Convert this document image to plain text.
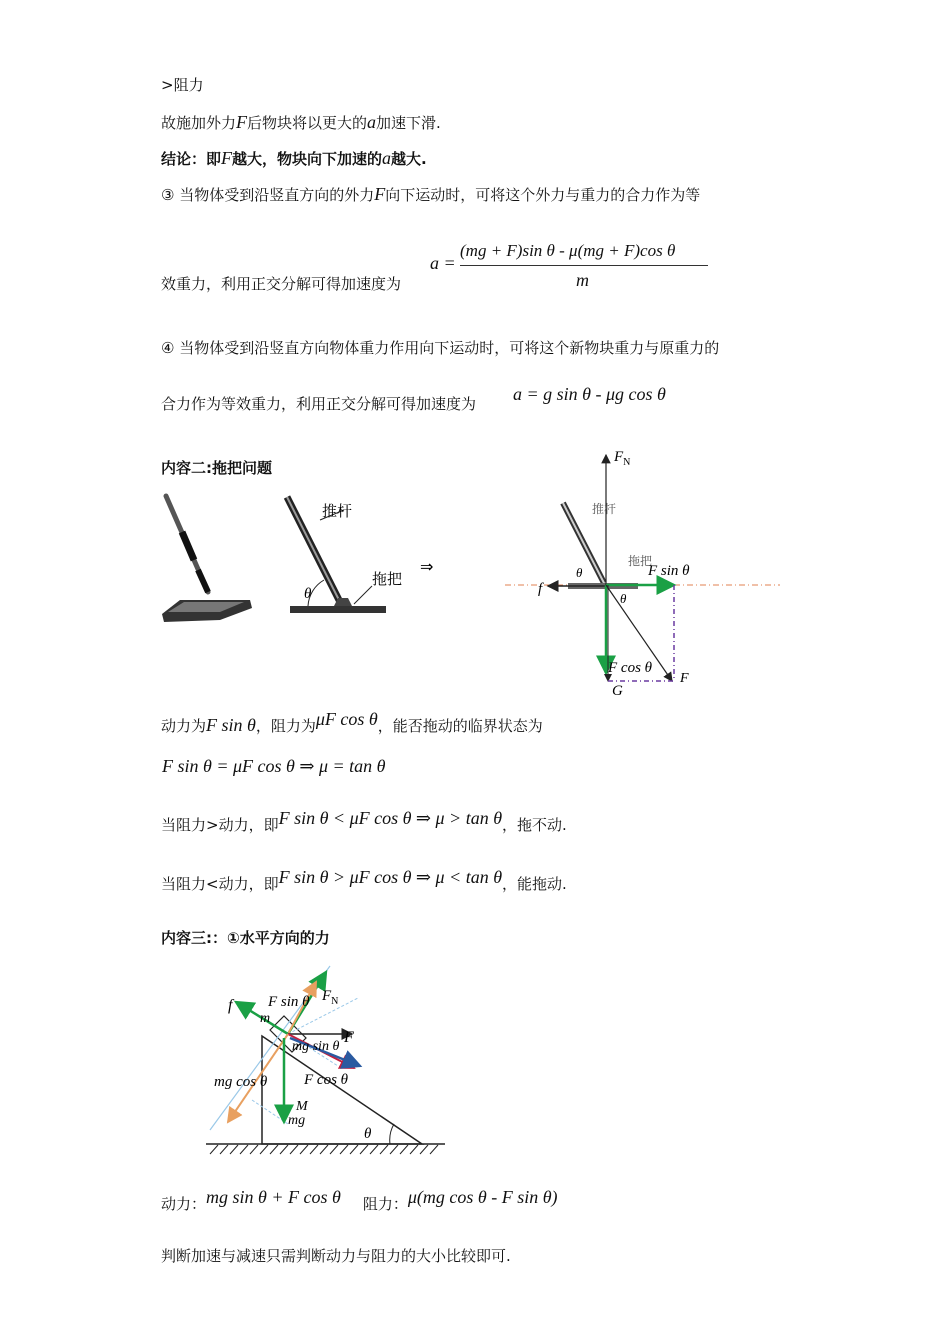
>阻力
故施加外力F后物块将以更大的a加速下滑.
结论：即F越大，物块向下加速的a越大.
③ 当物体受到沿竖直方向的外力F向下运动时，可将这个外力与重力的合力作为等
a =
(mg + F)sin θ - μ(mg + F)cos θ
m
效重力，利用正交分解可得加速度为
④ 当物体受到沿竖直方向物体重力作用向下运动时，可将这个新物块重力与原重力的
合力作为等效重力，利用正交分解可得加速度为 a = g sin θ - μg cos θ
内容二:拖把问题
θ
推杆
拖把
⇒
$F_N$
推杆
拖把
θ
f
F sin θ
F cos θ
θ
F
G
动力为F sin θ，阻力为μF cos θ，能否拖动的临界状态为
F sin θ = μF cos θ ⇒ μ = tan θ
当阻力>动力，即F sin θ < μF cos θ ⇒ μ > tan θ，拖不动.
当阻力<动力，即F sin θ > μF cos θ ⇒ μ < tan θ，能拖动.
内容三:：①水平方向的力
θ
$F_N$
F sin θ
f
m
F
mg sin θ
mg cos θ F cos θ
M
mg
动力：mg sin θ + F cos θ 阻力：μ(mg cos θ - F sin θ)
判断加速与减速只需判断动力与阻力的大小比较即可.
